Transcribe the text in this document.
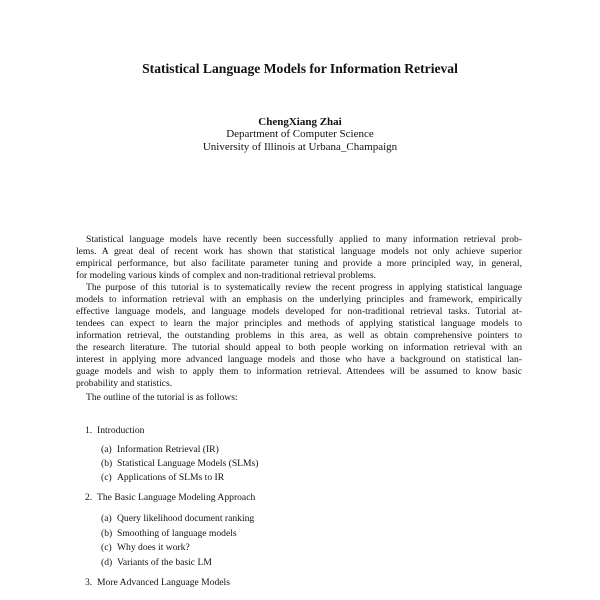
Statistical Language Models for Information Retrieval
ChengXiang Zhai
Department of Computer Science
University of Illinois at Urbana_Champaign
Statistical language models have recently been successfully applied to many information retrieval prob-
lems. A great deal of recent work has shown that statistical language models not only achieve superior
empirical performance, but also facilitate parameter tuning and provide a more principled way, in general,
for modeling various kinds of complex and non-traditional retrieval problems.
The purpose of this tutorial is to systematically review the recent progress in applying statistical language
models to information retrieval with an emphasis on the underlying principles and framework, empirically
effective language models, and language models developed for non-traditional retrieval tasks. Tutorial at-
tendees can expect to learn the major principles and methods of applying statistical language models to
information retrieval, the outstanding problems in this area, as well as obtain comprehensive pointers to
the research literature. The tutorial should appeal to both people working on information retrieval with an
interest in applying more advanced language models and those who have a background on statistical lan-
guage models and wish to apply them to information retrieval. Attendees will be assumed to know basic
probability and statistics.
The outline of the tutorial is as follows:
1. Introduction
(a) Information Retrieval (IR)
(b) Statistical Language Models (SLMs)
(c) Applications of SLMs to IR
2. The Basic Language Modeling Approach
(a) Query likelihood document ranking
(b) Smoothing of language models
(c) Why does it work?
(d) Variants of the basic LM
3. More Advanced Language Models
